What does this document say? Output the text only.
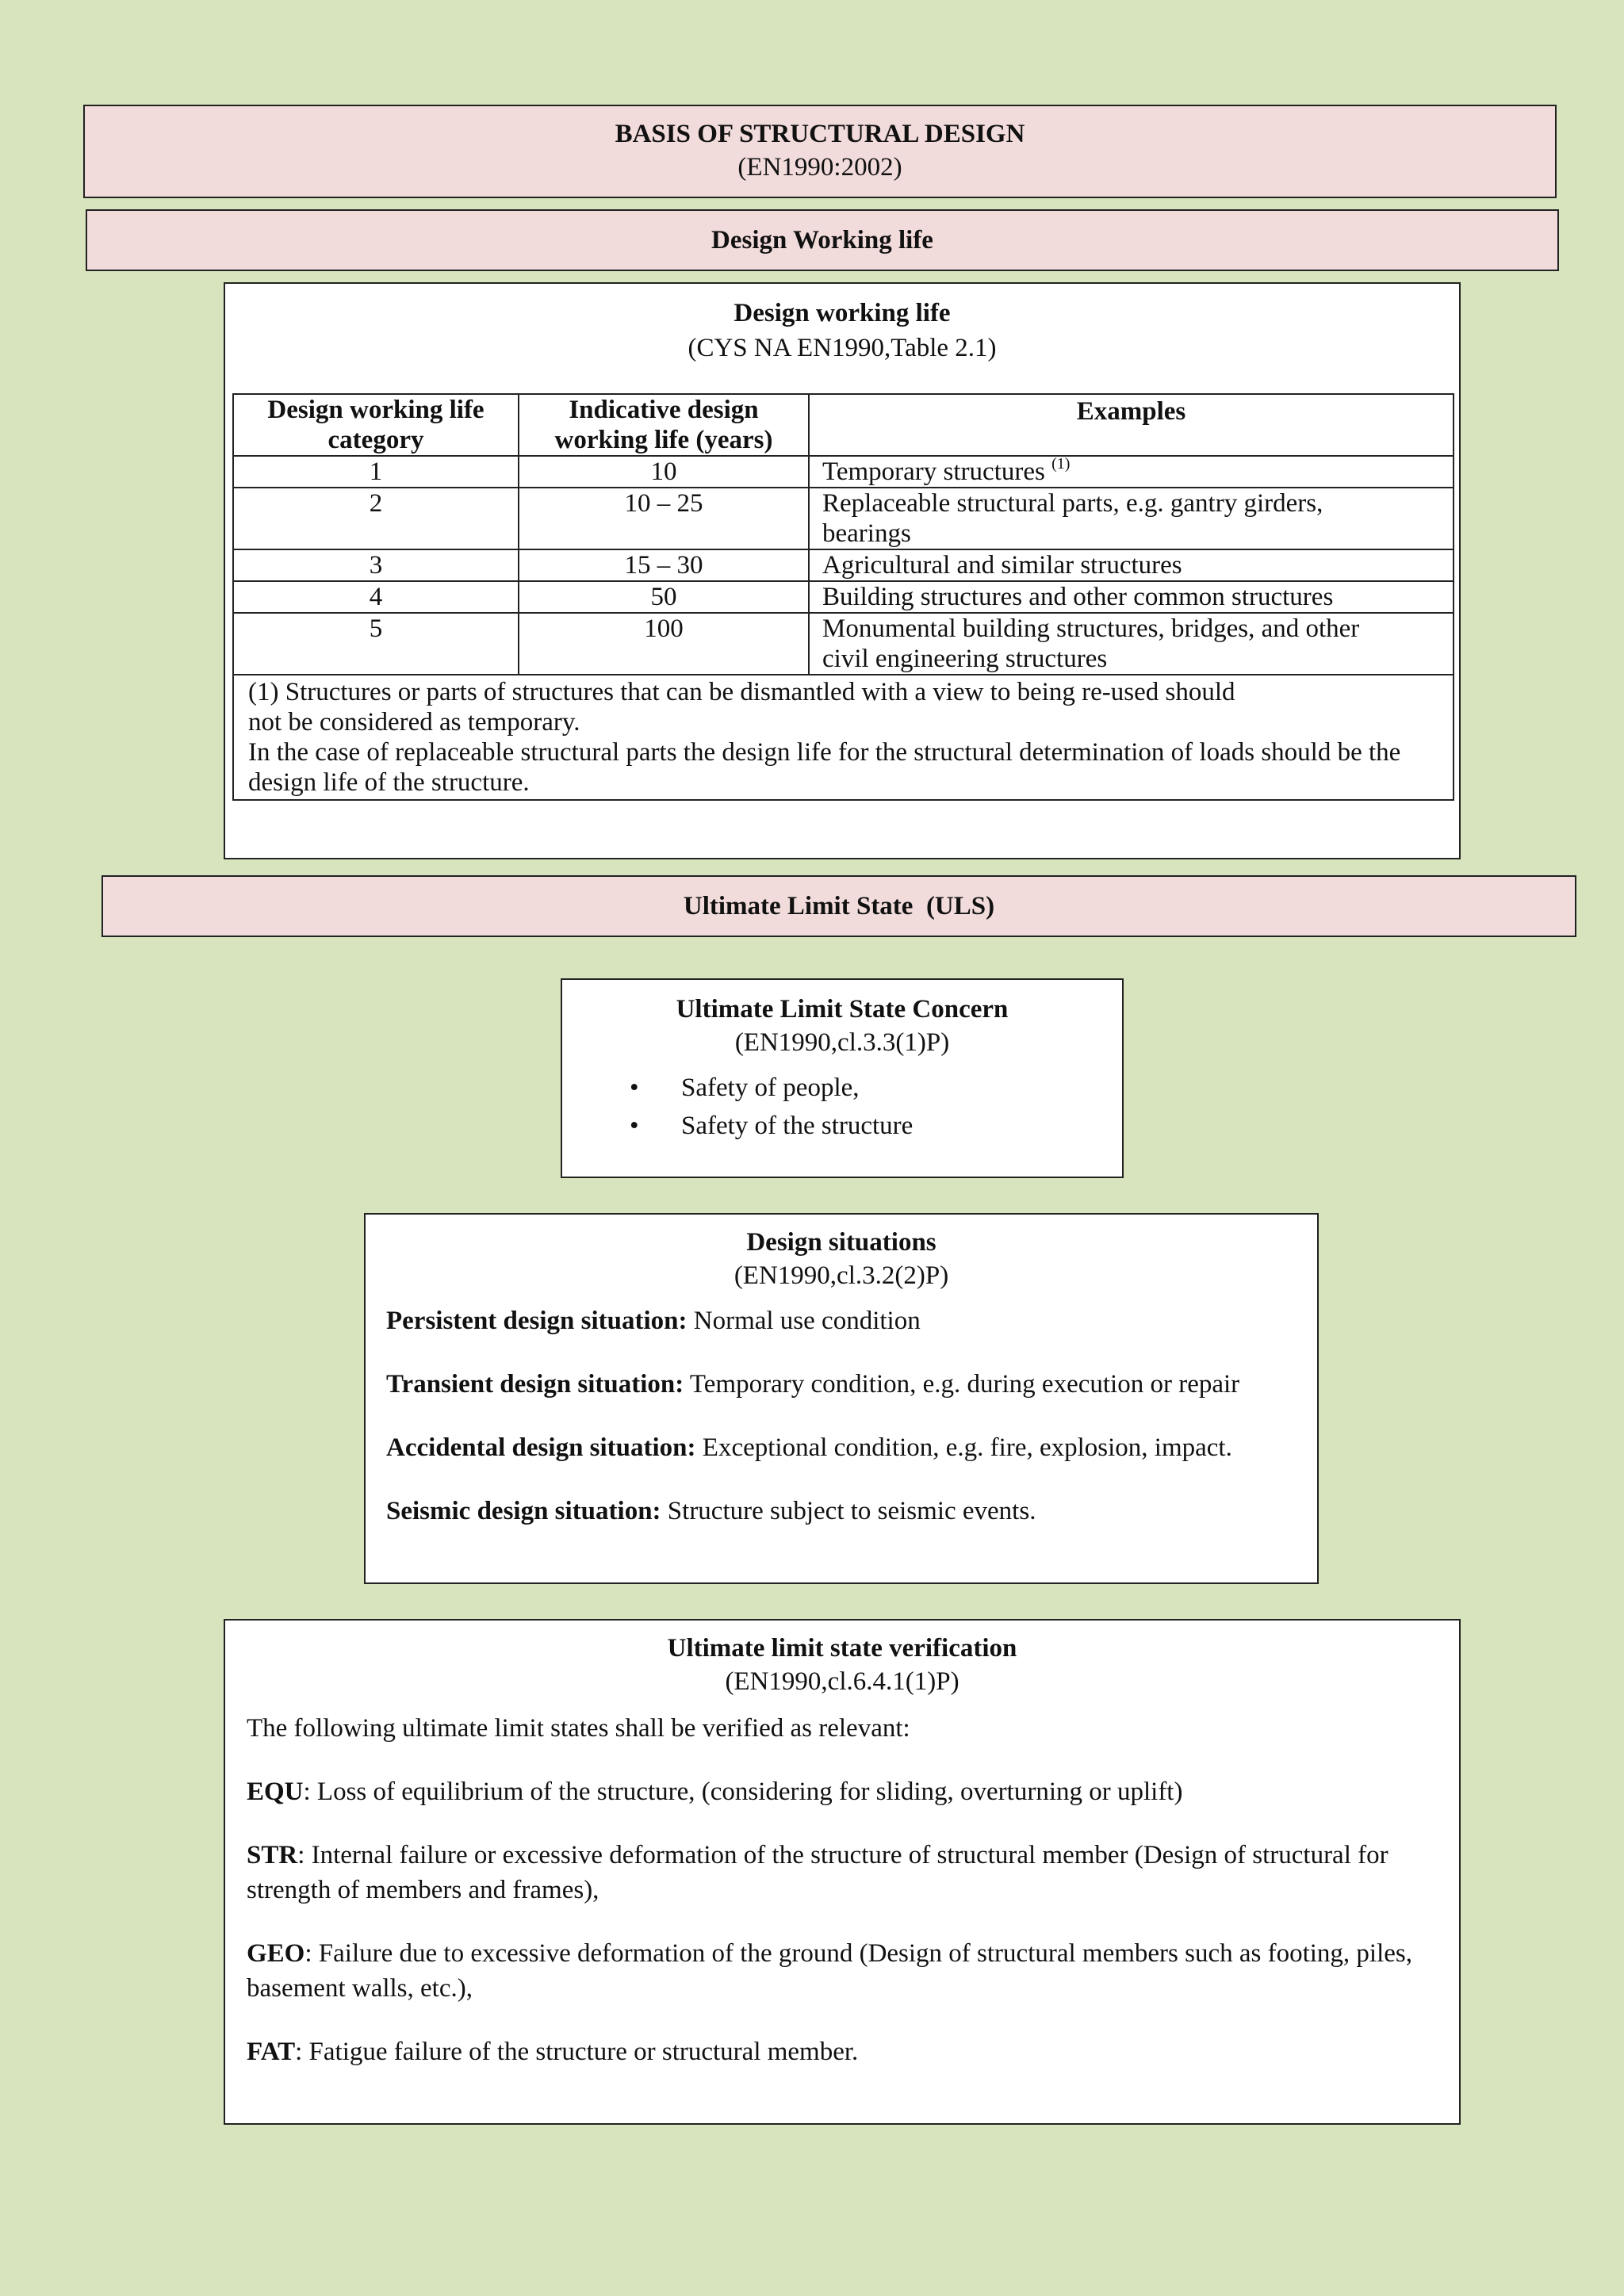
BASIS OF STRUCTURAL DESIGN
(EN1990:2002)
Design Working life
Design working life
(CYS NA EN1990,Table 2.1)
Design working life category	Indicative design working life (years)	Examples
1	10	Temporary structures $^{(1)}$
2	10 – 25	Replaceable structural parts, e.g. gantry girders, bearings
3	15 – 30	Agricultural and similar structures
4	50	Building structures and other common structures
5	100	Monumental building structures, bridges, and other civil engineering structures

(1) Structures or parts of structures that can be dismantled with a view to being re-used should not be considered as temporary.
In the case of replaceable structural parts the design life for the structural determination of loads should be the design life of the structure.		
Ultimate Limit State  (ULS)
Ultimate Limit State Concern
(EN1990,cl.3.3(1)P)
• Safety of people,
• Safety of the structure
Design situations
(EN1990,cl.3.2(2)P)

Persistent design situation: Normal use condition

Transient design situation: Temporary condition, e.g. during execution or repair

Accidental design situation: Exceptional condition, e.g. fire, explosion, impact.

Seismic design situation: Structure subject to seismic events.

Ultimate limit state verification
(EN1990,cl.6.4.1(1)P)

The following ultimate limit states shall be verified as relevant:

EQU: Loss of equilibrium of the structure, (considering for sliding, overturning or uplift)

STR: Internal failure or excessive deformation of the structure of structural member (Design of structural for strength of members and frames),

GEO: Failure due to excessive deformation of the ground (Design of structural members such as footing, piles, basement walls, etc.),

FAT: Fatigue failure of the structure or structural member.
